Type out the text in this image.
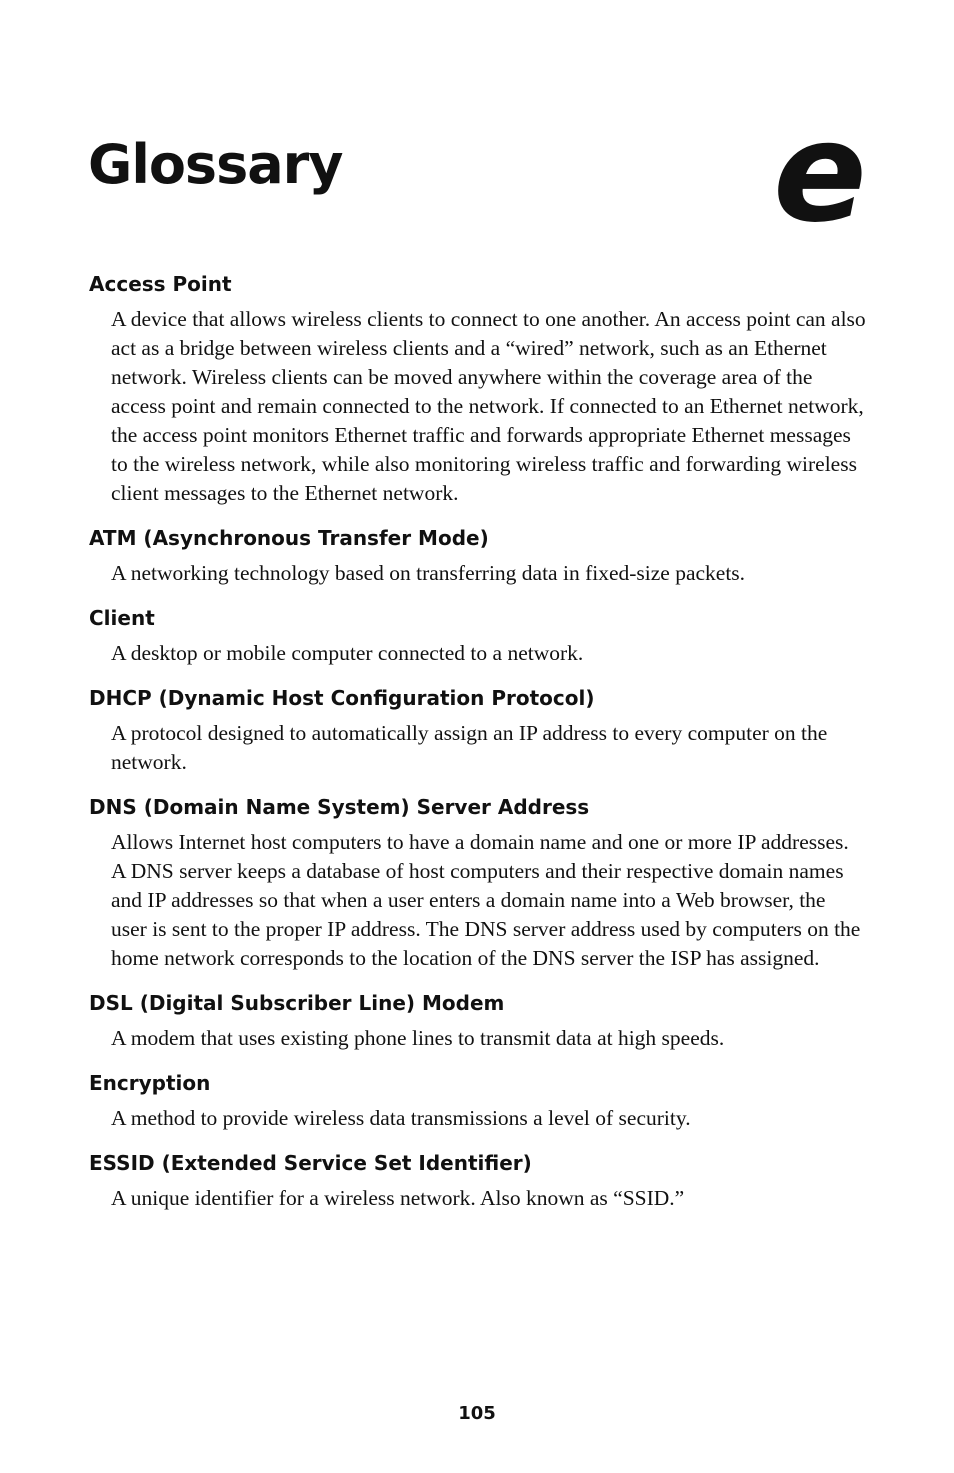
Glossary	e
Access Point

A device that allows wireless clients to connect to one another. An access point can also act as a bridge between wireless clients and a “wired” network, such as an Ethernet network. Wireless clients can be moved anywhere within the coverage area of the access point and remain connected to the network. If connected to an Ethernet network, the access point monitors Ethernet traffic and forwards appropriate Ethernet messages to the wireless network, while also monitoring wireless traffic and forwarding wireless client messages to the Ethernet network.

ATM (Asynchronous Transfer Mode)

A networking technology based on transferring data in fixed-size packets.

Client

A desktop or mobile computer connected to a network.

DHCP (Dynamic Host Configuration Protocol)

A protocol designed to automatically assign an IP address to every computer on the network.

DNS (Domain Name System) Server Address

Allows Internet host computers to have a domain name and one or more IP addresses. A DNS server keeps a database of host computers and their respective domain names and IP addresses so that when a user enters a domain name into a Web browser, the user is sent to the proper IP address. The DNS server address used by computers on the home network corresponds to the location of the DNS server the ISP has assigned.

DSL (Digital Subscriber Line) Modem

A modem that uses existing phone lines to transmit data at high speeds.

Encryption

A method to provide wireless data transmissions a level of security.

ESSID (Extended Service Set Identifier)

A unique identifier for a wireless network. Also known as “SSID.”

105
